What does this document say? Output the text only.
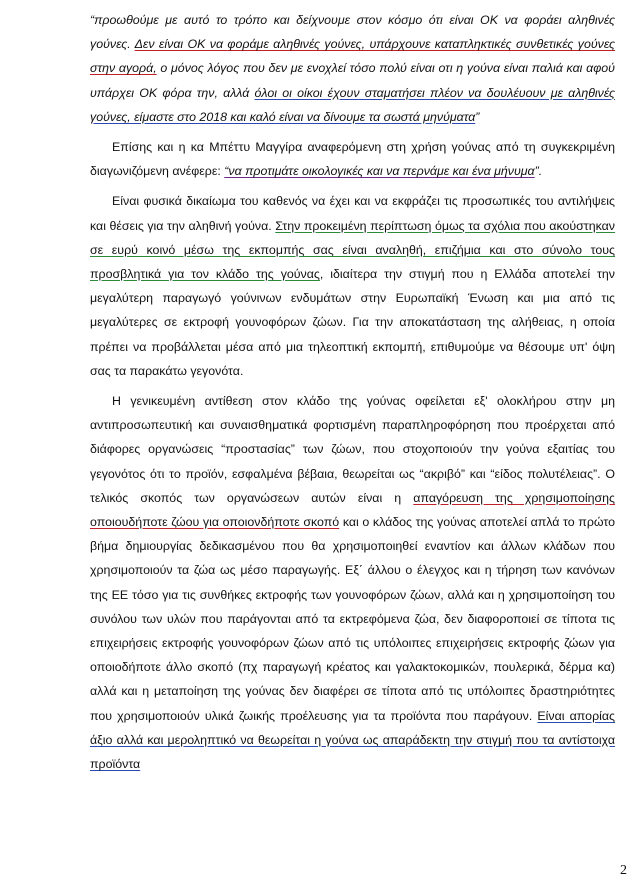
“προωθούμε με αυτό το τρόπο και δείχνουμε στον κόσμο ότι είναι ΟΚ να φοράει αληθινές γούνες. Δεν είναι ΟΚ να φοράμε αληθινές γούνες, υπάρχουνε καταπληκτικές συνθετικές γούνες στην αγορά, ο μόνος λόγος που δεν με ενοχλεί τόσο πολύ είναι οτι η γούνα είναι παλιά και αφού υπάρχει ΟΚ φόρα την, αλλά όλοι οι οίκοι έχουν σταματήσει πλέον να δουλέυουν με αληθινές γούνες, είμαστε στο 2018 και καλό είναι να δίνουμε τα σωστά μηνύματα”

Επίσης και η κα Μπέττυ Μαγγίρα αναφερόμενη στη χρήση γούνας από τη συγκεκριμένη διαγωνιζόμενη ανέφερε: “να προτιμάτε οικολογικές και να περνάμε και ένα μήνυμα”.

Είναι φυσικά δικαίωμα του καθενός να έχει και να εκφράζει τις προσωπικές του αντιλήψεις και θέσεις για την αληθινή γούνα. Στην προκειμένη περίπτωση όμως τα σχόλια που ακούστηκαν σε ευρύ κοινό μέσω της εκπομπής σας είναι αναληθή, επιζήμια και στο σύνολο τους προσβλητικά για τον κλάδο της γούνας, ιδιαίτερα την στιγμή που η Ελλάδα αποτελεί την μεγαλύτερη παραγωγό γούνινων ενδυμάτων στην Ευρωπαϊκή Ένωση και μια από τις μεγαλύτερες σε εκτροφή γουνοφόρων ζώων. Για την αποκατάσταση της αλήθειας, η οποία πρέπει να προβάλλεται μέσα από μια τηλεοπτική εκπομπή, επιθυμούμε να θέσουμε υπ' όψη σας τα παρακάτω γεγονότα.

Η γενικευμένη αντίθεση στον κλάδο της γούνας οφείλεται εξ' ολοκλήρου στην μη αντιπροσωπευτική και συναισθηματικά φορτισμένη παραπληροφόρηση που προέρχεται από διάφορες οργανώσεις “προστασίας” των ζώων, που στοχοποιούν την γούνα εξαιτίας του γεγονότος ότι το προϊόν, εσφαλμένα βέβαια, θεωρείται ως “ακριβό” και “είδος πολυτέλειας”. Ο τελικός σκοπός των οργανώσεων αυτών είναι η απαγόρευση της χρησιμοποίησης οποιουδήποτε ζώου για οποιονδήποτε σκοπό και ο κλάδος της γούνας αποτελεί απλά το πρώτο βήμα δημιουργίας δεδικασμένου που θα χρησιμοποιηθεί εναντίον και άλλων κλάδων που χρησιμοποιούν τα ζώα ως μέσο παραγωγής. Εξ΄ άλλου ο έλεγχος και η τήρηση των κανόνων της ΕΕ τόσο για τις συνθήκες εκτροφής των γουνοφόρων ζώων, αλλά και η χρησιμοποίηση του συνόλου των υλών που παράγονται από τα εκτρεφόμενα ζώα, δεν διαφοροποιεί σε τίποτα τις επιχειρήσεις εκτροφής γουνοφόρων ζώων από τις υπόλοιπες επιχειρήσεις εκτροφής ζώων για οποιοδήποτε άλλο σκοπό (πχ παραγωγή κρέατος και γαλακτοκομικών, πουλερικά, δέρμα κα) αλλά και η μεταποίηση της γούνας δεν διαφέρει σε τίποτα από τις υπόλοιπες δραστηριότητες που χρησιμοποιούν υλικά ζωικής προέλευσης για τα προϊόντα που παράγουν. Είναι απορίας άξιο αλλά και μεροληπτικό να θεωρείται η γούνα ως απαράδεκτη την στιγμή που τα αντίστοιχα προϊόντα

2
